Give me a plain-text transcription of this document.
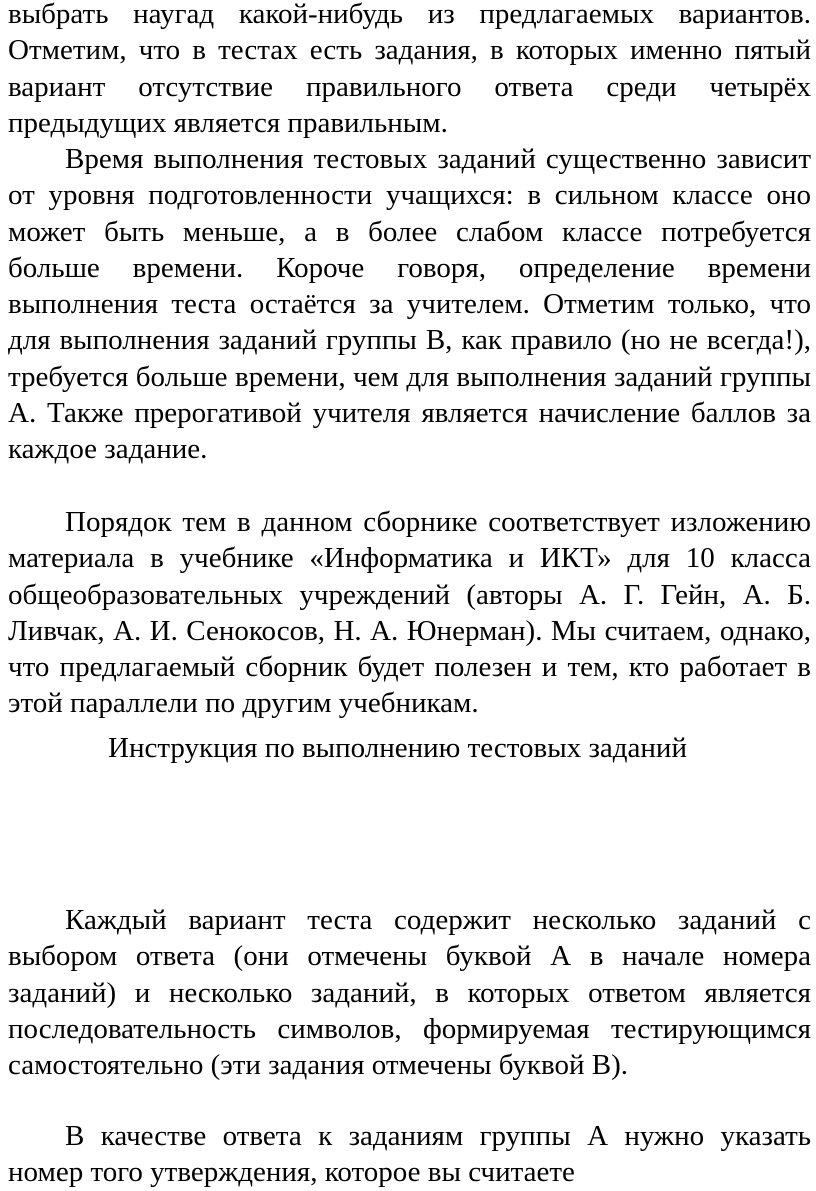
выбрать наугад какой-нибудь из предлагаемых вариантов. Отметим, что в тестах есть задания, в которых именно пятый вариант отсутствие правильного ответа среди четырёх предыдущих является правильным.

Время выполнения тестовых заданий существенно зависит от уровня подготовленности учащихся: в сильном классе оно может быть меньше, а в более слабом классе потребуется больше времени. Короче говоря, определение времени выполнения теста остаётся за учителем. Отметим только, что для выполнения заданий группы В, как правило (но не всегда!), требуется больше времени, чем для выполнения заданий группы А. Также прерогативой учителя является начисление баллов за каждое задание.

Порядок тем в данном сборнике соответствует изложению материала в учебнике «Информатика и ИКТ» для 10 класса общеобразовательных учреждений (авторы А. Г. Гейн, А. Б. Ливчак, А. И. Сенокосов, Н. А. Юнерман). Мы считаем, однако, что предлагаемый сборник будет полезен и тем, кто работает в этой параллели по другим учебникам.

Инструкция по выполнению тестовых заданий

Каждый вариант теста содержит несколько заданий с выбором ответа (они отмечены буквой А в начале номера заданий) и несколько заданий, в которых ответом является последовательность символов, формируемая тестирующимся самостоятельно (эти задания отмечены буквой В).

В качестве ответа к заданиям группы А нужно указать номер того утверждения, которое вы считаете
